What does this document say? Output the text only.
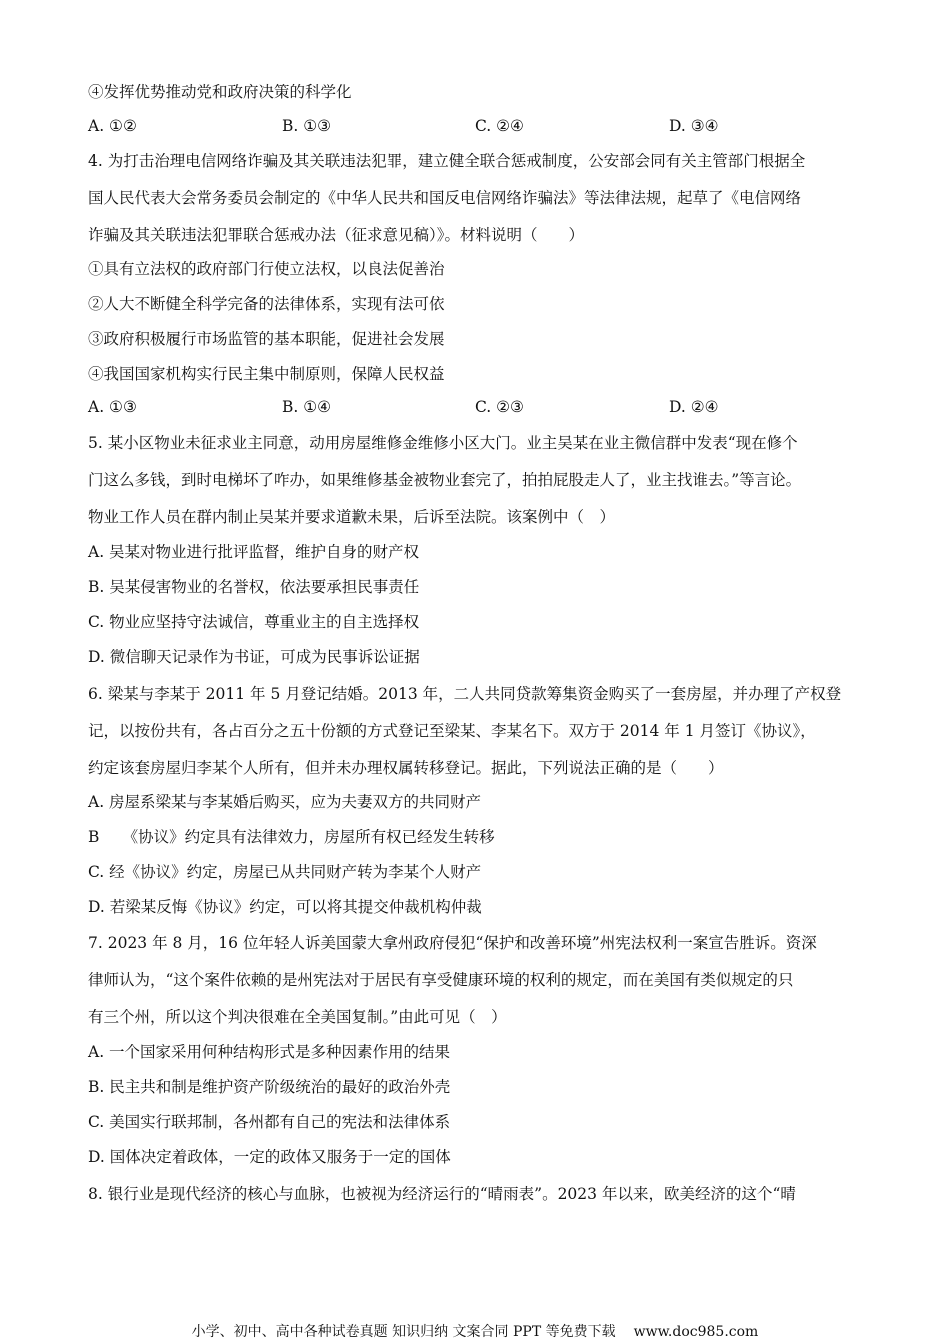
④发挥优势推动党和政府决策的科学化
A. ①②	B. ①③	C. ②④	D. ③④
4. 为打击治理电信网络诈骗及其关联违法犯罪，建立健全联合惩戒制度，公安部会同有关主管部门根据全
国人民代表大会常务委员会制定的《中华人民共和国反电信网络诈骗法》等法律法规，起草了《电信网络
诈骗及其关联违法犯罪联合惩戒办法（征求意见稿）》。材料说明（　　）
①具有立法权的政府部门行使立法权，以良法促善治
②人大不断健全科学完备的法律体系，实现有法可依
③政府积极履行市场监管的基本职能，促进社会发展
④我国国家机构实行民主集中制原则，保障人民权益
A. ①③	B. ①④	C. ②③	D. ②④
5. 某小区物业未征求业主同意，动用房屋维修金维修小区大门。业主吴某在业主微信群中发表“现在修个
门这么多钱，到时电梯坏了咋办，如果维修基金被物业套完了，拍拍屁股走人了，业主找谁去。”等言论。
物业工作人员在群内制止吴某并要求道歉未果，后诉至法院。该案例中（　）
A. 吴某对物业进行批评监督，维护自身的财产权
B. 吴某侵害物业的名誉权，依法要承担民事责任
C. 物业应坚持守法诚信，尊重业主的自主选择权
D. 微信聊天记录作为书证，可成为民事诉讼证据
6. 梁某与李某于 2011 年 5 月登记结婚。2013 年，二人共同贷款筹集资金购买了一套房屋，并办理了产权登
记，以按份共有，各占百分之五十份额的方式登记至梁某、李某名下。双方于 2014 年 1 月签订《协议》，
约定该套房屋归李某个人所有，但并未办理权属转移登记。据此，下列说法正确的是（　　）
A. 房屋系梁某与李某婚后购买，应为夫妻双方的共同财产
B　　《协议》约定具有法律效力，房屋所有权已经发生转移
C. 经《协议》约定，房屋已从共同财产转为李某个人财产
D. 若梁某反悔《协议》约定，可以将其提交仲裁机构仲裁
7. 2023 年 8 月，16 位年轻人诉美国蒙大拿州政府侵犯“保护和改善环境”州宪法权利一案宣告胜诉。资深
律师认为，“这个案件依赖的是州宪法对于居民有享受健康环境的权利的规定，而在美国有类似规定的只
有三个州，所以这个判决很难在全美国复制。”由此可见（　）
A. 一个国家采用何种结构形式是多种因素作用的结果
B. 民主共和制是维护资产阶级统治的最好的政治外壳
C. 美国实行联邦制，各州都有自己的宪法和法律体系
D. 国体决定着政体，一定的政体又服务于一定的国体
8. 银行业是现代经济的核心与血脉，也被视为经济运行的“晴雨表”。2023 年以来，欧美经济的这个“晴
小学、初中、高中各种试卷真题 知识归纳 文案合同 PPT 等免费下载 www.doc985.com
